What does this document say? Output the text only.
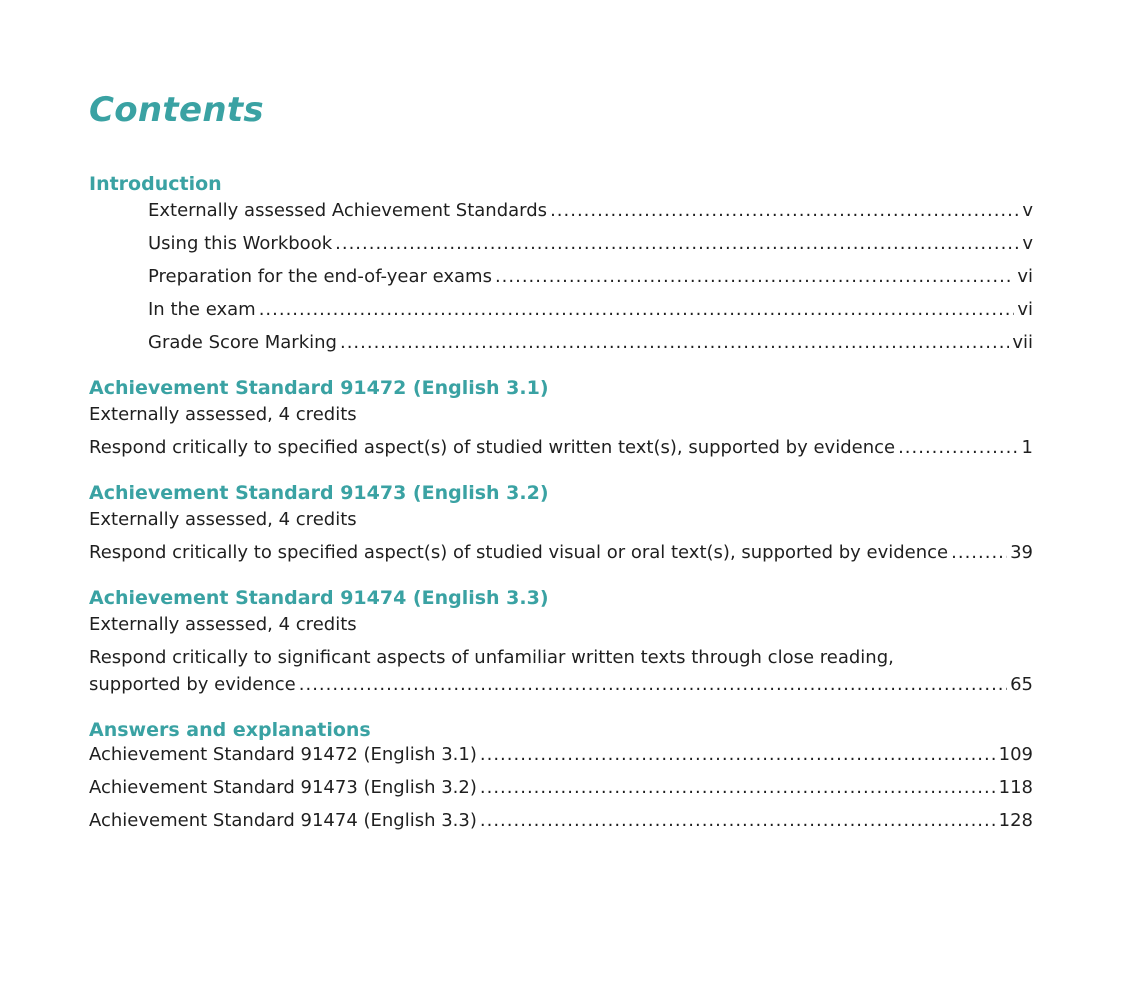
Contents
Introduction
Externally assessed Achievement Standards .....	v
Using this Workbook .....	v
Preparation for the end-of-year exams .....	vi
In the exam .....	vi
Grade Score Marking .....	vii
Achievement Standard 91472 (English 3.1)
Externally assessed, 4 credits
Respond critically to specified aspect(s) of studied written text(s), supported by evidence .....	1
Achievement Standard 91473 (English 3.2)
Externally assessed, 4 credits
Respond critically to specified aspect(s) of studied visual or oral text(s), supported by evidence .....	39
Achievement Standard 91474 (English 3.3)
Externally assessed, 4 credits
Respond critically to significant aspects of unfamiliar written texts through close reading,
supported by evidence .....	65
Answers and explanations
Achievement Standard 91472 (English 3.1) .....	109
Achievement Standard 91473 (English 3.2) .....	118
Achievement Standard 91474 (English 3.3) .....	128
